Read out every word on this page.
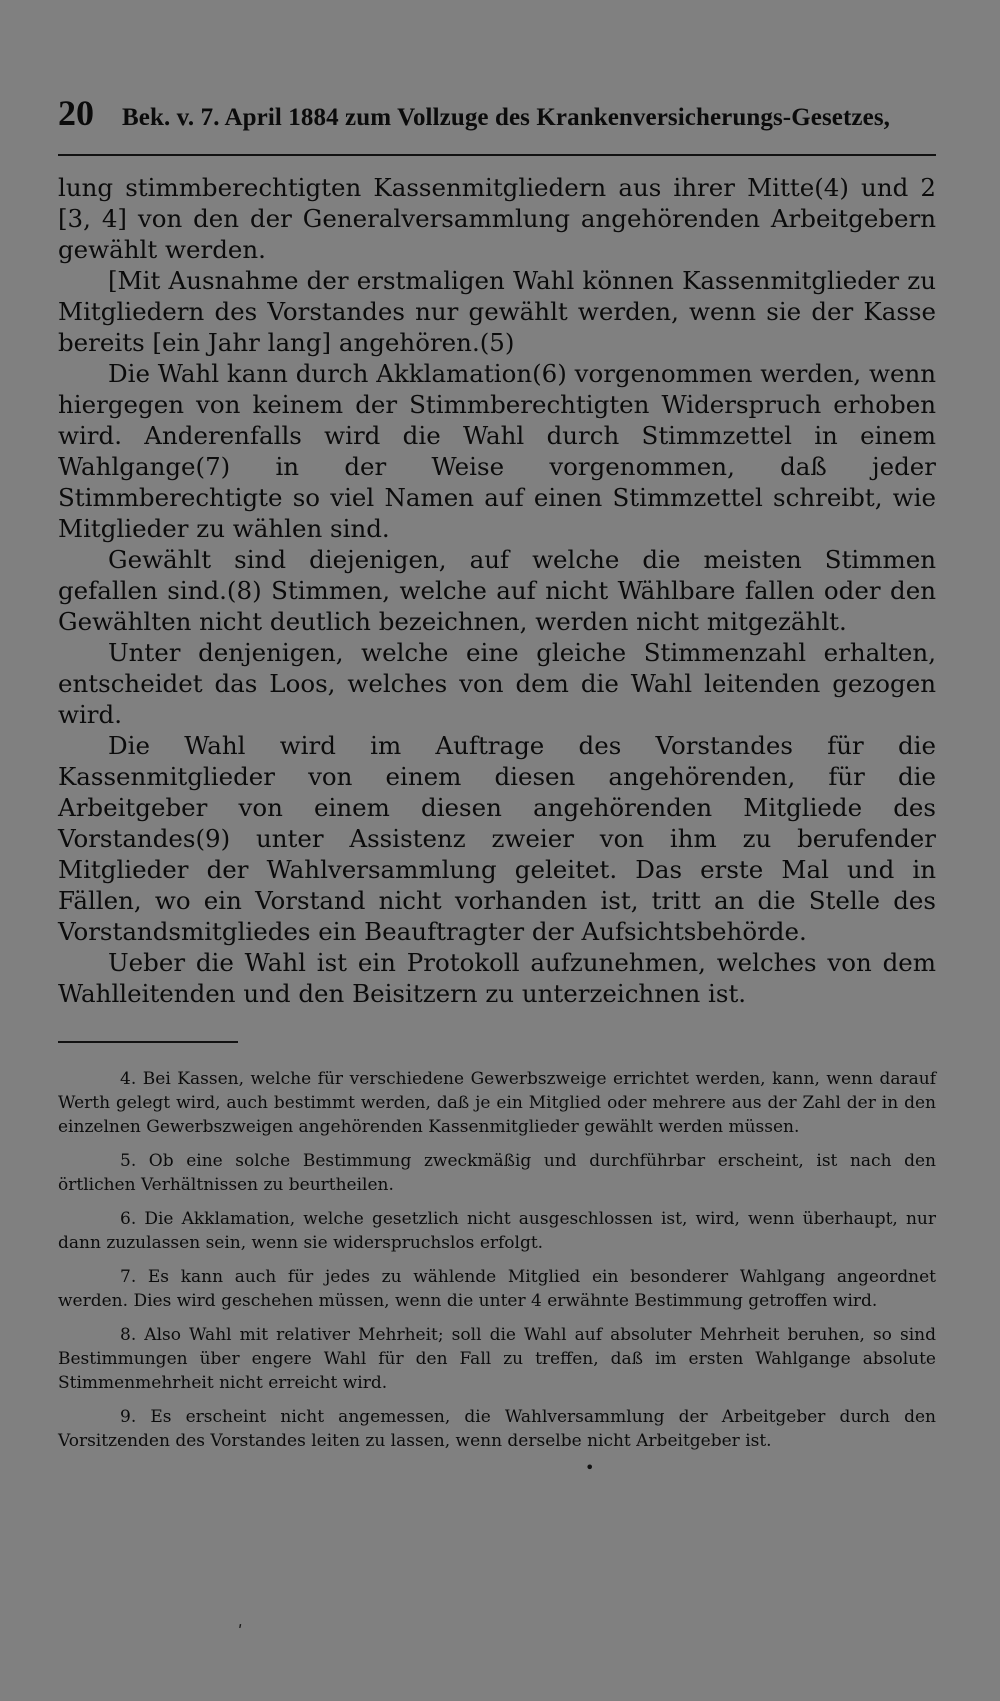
20 Bek. v. 7. April 1884 zum Vollzuge des Krankenversicherungs-Gesetzes,

lung stimmberechtigten Kassenmitgliedern aus ihrer Mitte(4) und 2 [3, 4] von den der Generalversammlung angehörenden Arbeitgebern gewählt werden.

[Mit Ausnahme der erstmaligen Wahl können Kassenmitglieder zu Mitgliedern des Vorstandes nur gewählt werden, wenn sie der Kasse bereits [ein Jahr lang] angehören.(5)

Die Wahl kann durch Akklamation(6) vorgenommen werden, wenn hiergegen von keinem der Stimmberechtigten Widerspruch erhoben wird. Anderenfalls wird die Wahl durch Stimmzettel in einem Wahlgange(7) in der Weise vorgenommen, daß jeder Stimmberechtigte so viel Namen auf einen Stimmzettel schreibt, wie Mitglieder zu wählen sind.

Gewählt sind diejenigen, auf welche die meisten Stimmen gefallen sind.(8) Stimmen, welche auf nicht Wählbare fallen oder den Gewählten nicht deutlich bezeichnen, werden nicht mitgezählt.

Unter denjenigen, welche eine gleiche Stimmenzahl erhalten, entscheidet das Loos, welches von dem die Wahl leitenden gezogen wird.

Die Wahl wird im Auftrage des Vorstandes für die Kassenmitglieder von einem diesen angehörenden, für die Arbeitgeber von einem diesen angehörenden Mitgliede des Vorstandes(9) unter Assistenz zweier von ihm zu berufender Mitglieder der Wahlversammlung geleitet. Das erste Mal und in Fällen, wo ein Vorstand nicht vorhanden ist, tritt an die Stelle des Vorstandsmitgliedes ein Beauftragter der Aufsichtsbehörde.

Ueber die Wahl ist ein Protokoll aufzunehmen, welches von dem Wahlleitenden und den Beisitzern zu unterzeichnen ist.

4. Bei Kassen, welche für verschiedene Gewerbszweige errichtet werden, kann, wenn darauf Werth gelegt wird, auch bestimmt werden, daß je ein Mitglied oder mehrere aus der Zahl der in den einzelnen Gewerbszweigen angehörenden Kassenmitglieder gewählt werden müssen.

5. Ob eine solche Bestimmung zweckmäßig und durchführbar erscheint, ist nach den örtlichen Verhältnissen zu beurtheilen.

6. Die Akklamation, welche gesetzlich nicht ausgeschlossen ist, wird, wenn überhaupt, nur dann zuzulassen sein, wenn sie widerspruchslos erfolgt.

7. Es kann auch für jedes zu wählende Mitglied ein besonderer Wahlgang angeordnet werden. Dies wird geschehen müssen, wenn die unter 4 erwähnte Bestimmung getroffen wird.

8. Also Wahl mit relativer Mehrheit; soll die Wahl auf absoluter Mehrheit beruhen, so sind Bestimmungen über engere Wahl für den Fall zu treffen, daß im ersten Wahlgange absolute Stimmenmehrheit nicht erreicht wird.

9. Es erscheint nicht angemessen, die Wahlversammlung der Arbeitgeber durch den Vorsitzenden des Vorstandes leiten zu lassen, wenn derselbe nicht Arbeitgeber ist.

•
ʹ
